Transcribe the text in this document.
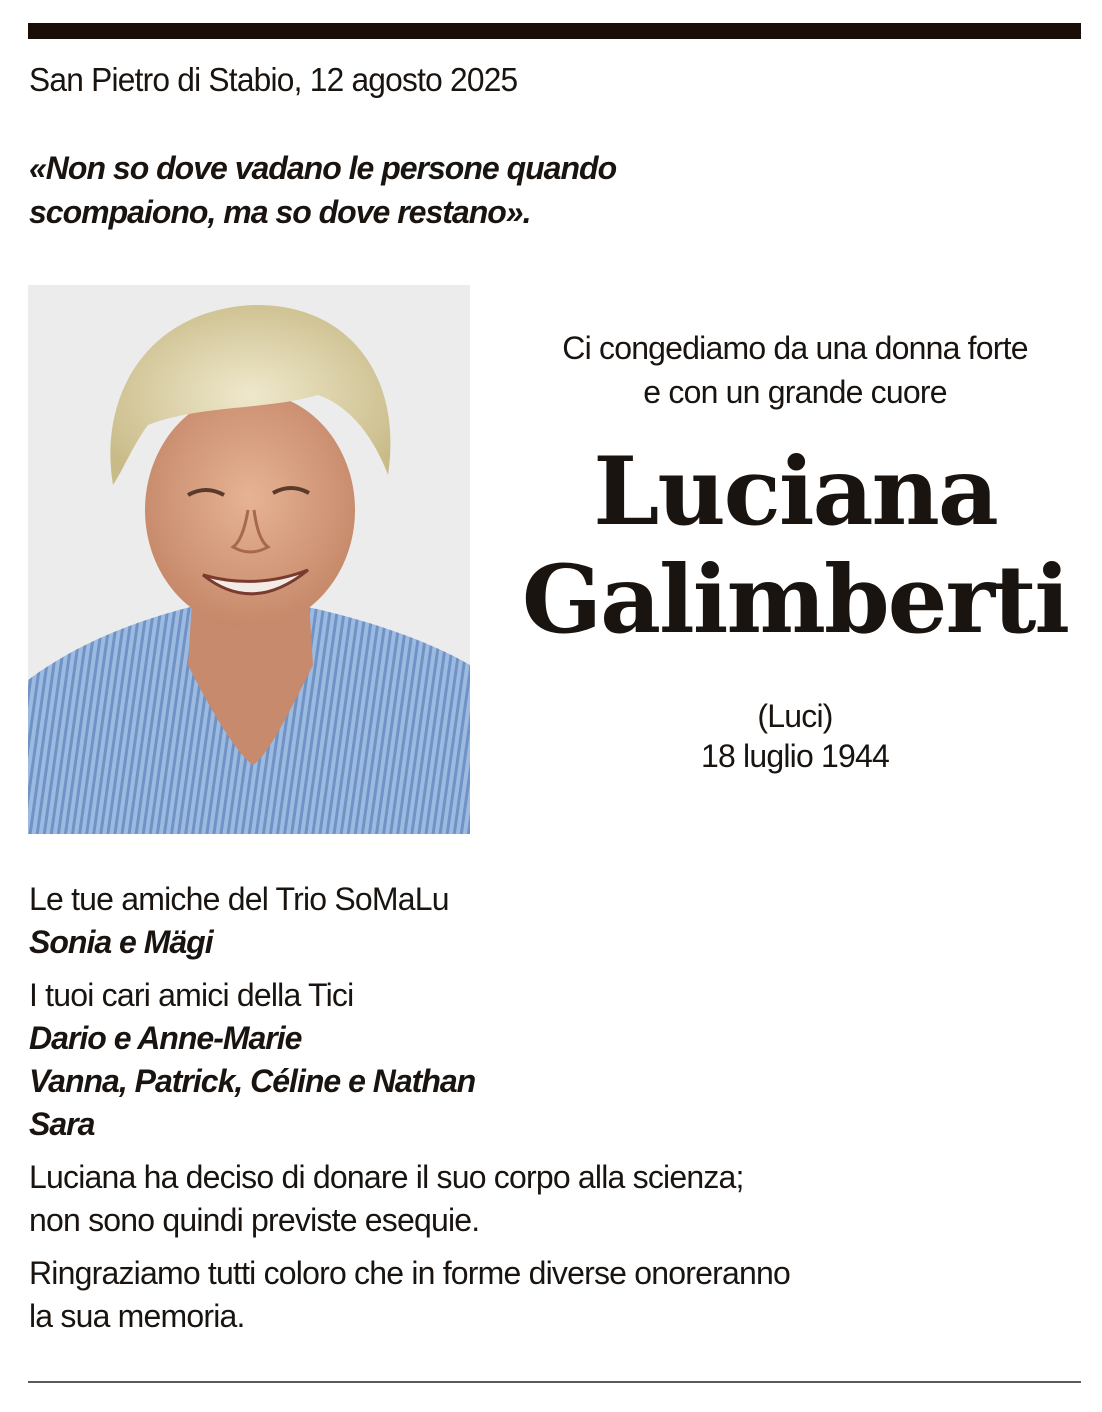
San Pietro di Stabio, 12 agosto 2025
«Non so dove vadano le persone quando
scompaiono, ma so dove restano».
Ci congediamo da una donna forte
e con un grande cuore
Luciana
Galimberti
(Luci)
18 luglio 1944
Le tue amiche del Trio SoMaLu
Sonia e Mägi
I tuoi cari amici della Tici
Dario e Anne-Marie
Vanna, Patrick, Céline e Nathan
Sara
Luciana ha deciso di donare il suo corpo alla scienza;
non sono quindi previste esequie.
Ringraziamo tutti coloro che in forme diverse onoreranno
la sua memoria.
